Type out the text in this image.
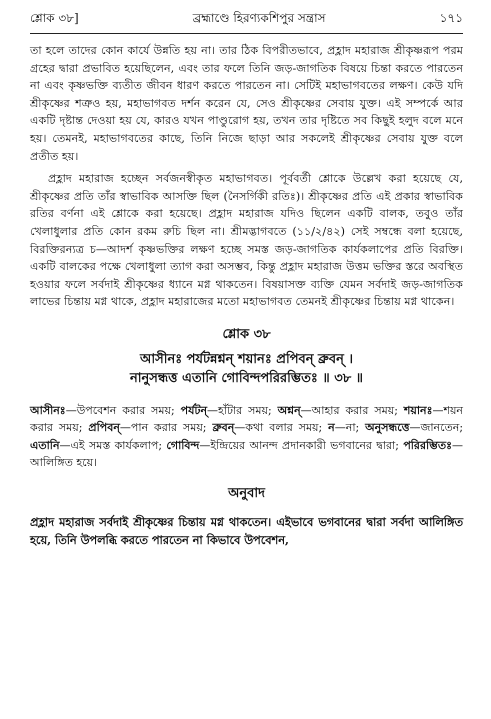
শ্লোক ৩৮]	ব্রহ্মাণ্ডে হিরণ্যকশিপুর সন্ত্রাস	১৭১

তা হলে তাদের কোন কার্যে উন্নতি হয় না। তার ঠিক বিপরীতভাবে, প্রহ্লাদ মহারাজ শ্রীকৃষ্ণরূপ পরম গ্রহের দ্বারা প্রভাবিত হয়েছিলেন, এবং তার ফলে তিনি জড়-জাগতিক বিষয়ে চিন্তা করতে পারতেন না এবং কৃষ্ণভক্তি ব্যতীত জীবন ধারণ করতে পারতেন না। সেটিই মহাভাগবতের লক্ষণ। কেউ যদি শ্রীকৃষ্ণের শত্রুও হয়, মহাভাগবত দর্শন করেন যে, সেও শ্রীকৃষ্ণের সেবায় যুক্ত। এই সম্পর্কে আর একটি দৃষ্টান্ত দেওয়া হয় যে, কারও যখন পাণ্ডুরোগ হয়, তখন তার দৃষ্টিতে সব কিছুই হলুদ বলে মনে হয়। তেমনই, মহাভাগবতের কাছে, তিনি নিজে ছাড়া আর সকলেই শ্রীকৃষ্ণের সেবায় যুক্ত বলে প্রতীত হয়।

প্রহ্লাদ মহারাজ হচ্ছেন সর্বজনস্বীকৃত মহাভাগবত। পূর্ববর্তী শ্লোকে উল্লেখ করা হয়েছে যে, শ্রীকৃষ্ণের প্রতি তাঁর স্বাভাবিক আসক্তি ছিল (নৈসর্গিকী রতিঃ)। শ্রীকৃষ্ণের প্রতি এই প্রকার স্বাভাবিক রতির বর্ণনা এই শ্লোকে করা হয়েছে। প্রহ্লাদ মহারাজ যদিও ছিলেন একটি বালক, তবুও তাঁর খেলাধুলার প্রতি কোন রকম রুচি ছিল না। শ্রীমদ্ভাগবতে (১১/২/৪২) সেই সম্বন্ধে বলা হয়েছে, বিরক্তিরন্যত্র চ—আদর্শ কৃষ্ণভক্তির লক্ষণ হচ্ছে সমস্ত জড়-জাগতিক কার্যকলাপের প্রতি বিরক্তি। একটি বালকের পক্ষে খেলাধুলা ত্যাগ করা অসম্ভব, কিন্তু প্রহ্লাদ মহারাজ উত্তম ভক্তির স্তরে অবস্থিত হওয়ার ফলে সর্বদাই শ্রীকৃষ্ণের ধ্যানে মগ্ন থাকতেন। বিষয়াসক্ত ব্যক্তি যেমন সর্বদাই জড়-জাগতিক লাভের চিন্তায় মগ্ন থাকে, প্রহ্লাদ মহারাজের মতো মহাভাগবত তেমনই শ্রীকৃষ্ণের চিন্তায় মগ্ন থাকেন।

শ্লোক ৩৮
আসীনঃ পর্যটন্নশ্নন্ শয়ানঃ প্রপিবন্ ব্রুবন্ ।
নানুসন্ধত্ত এতানি গোবিন্দপরিরম্ভিতঃ ॥ ৩৮ ॥
আসীনঃ—উপবেশন করার সময়; পর্যটন্—হাঁটার সময়; অশ্নন্—আহার করার সময়; শয়ানঃ—শয়ন করার সময়; প্রপিবন্—পান করার সময়; ব্রুবন্—কথা বলার সময়; ন—না; অনুসন্ধত্তে—জানতেন; এতানি—এই সমস্ত কার্যকলাপ; গোবিন্দ—ইন্দ্রিয়ের আনন্দ প্রদানকারী ভগবানের দ্বারা; পরিরম্ভিতঃ—আলিঙ্গিত হয়ে।
অনুবাদ

প্রহ্লাদ মহারাজ সর্বদাই শ্রীকৃষ্ণের চিন্তায় মগ্ন থাকতেন। এইভাবে ভগবানের দ্বারা সর্বদা আলিঙ্গিত হয়ে, তিনি উপলব্ধি করতে পারতেন না কিভাবে উপবেশন,
